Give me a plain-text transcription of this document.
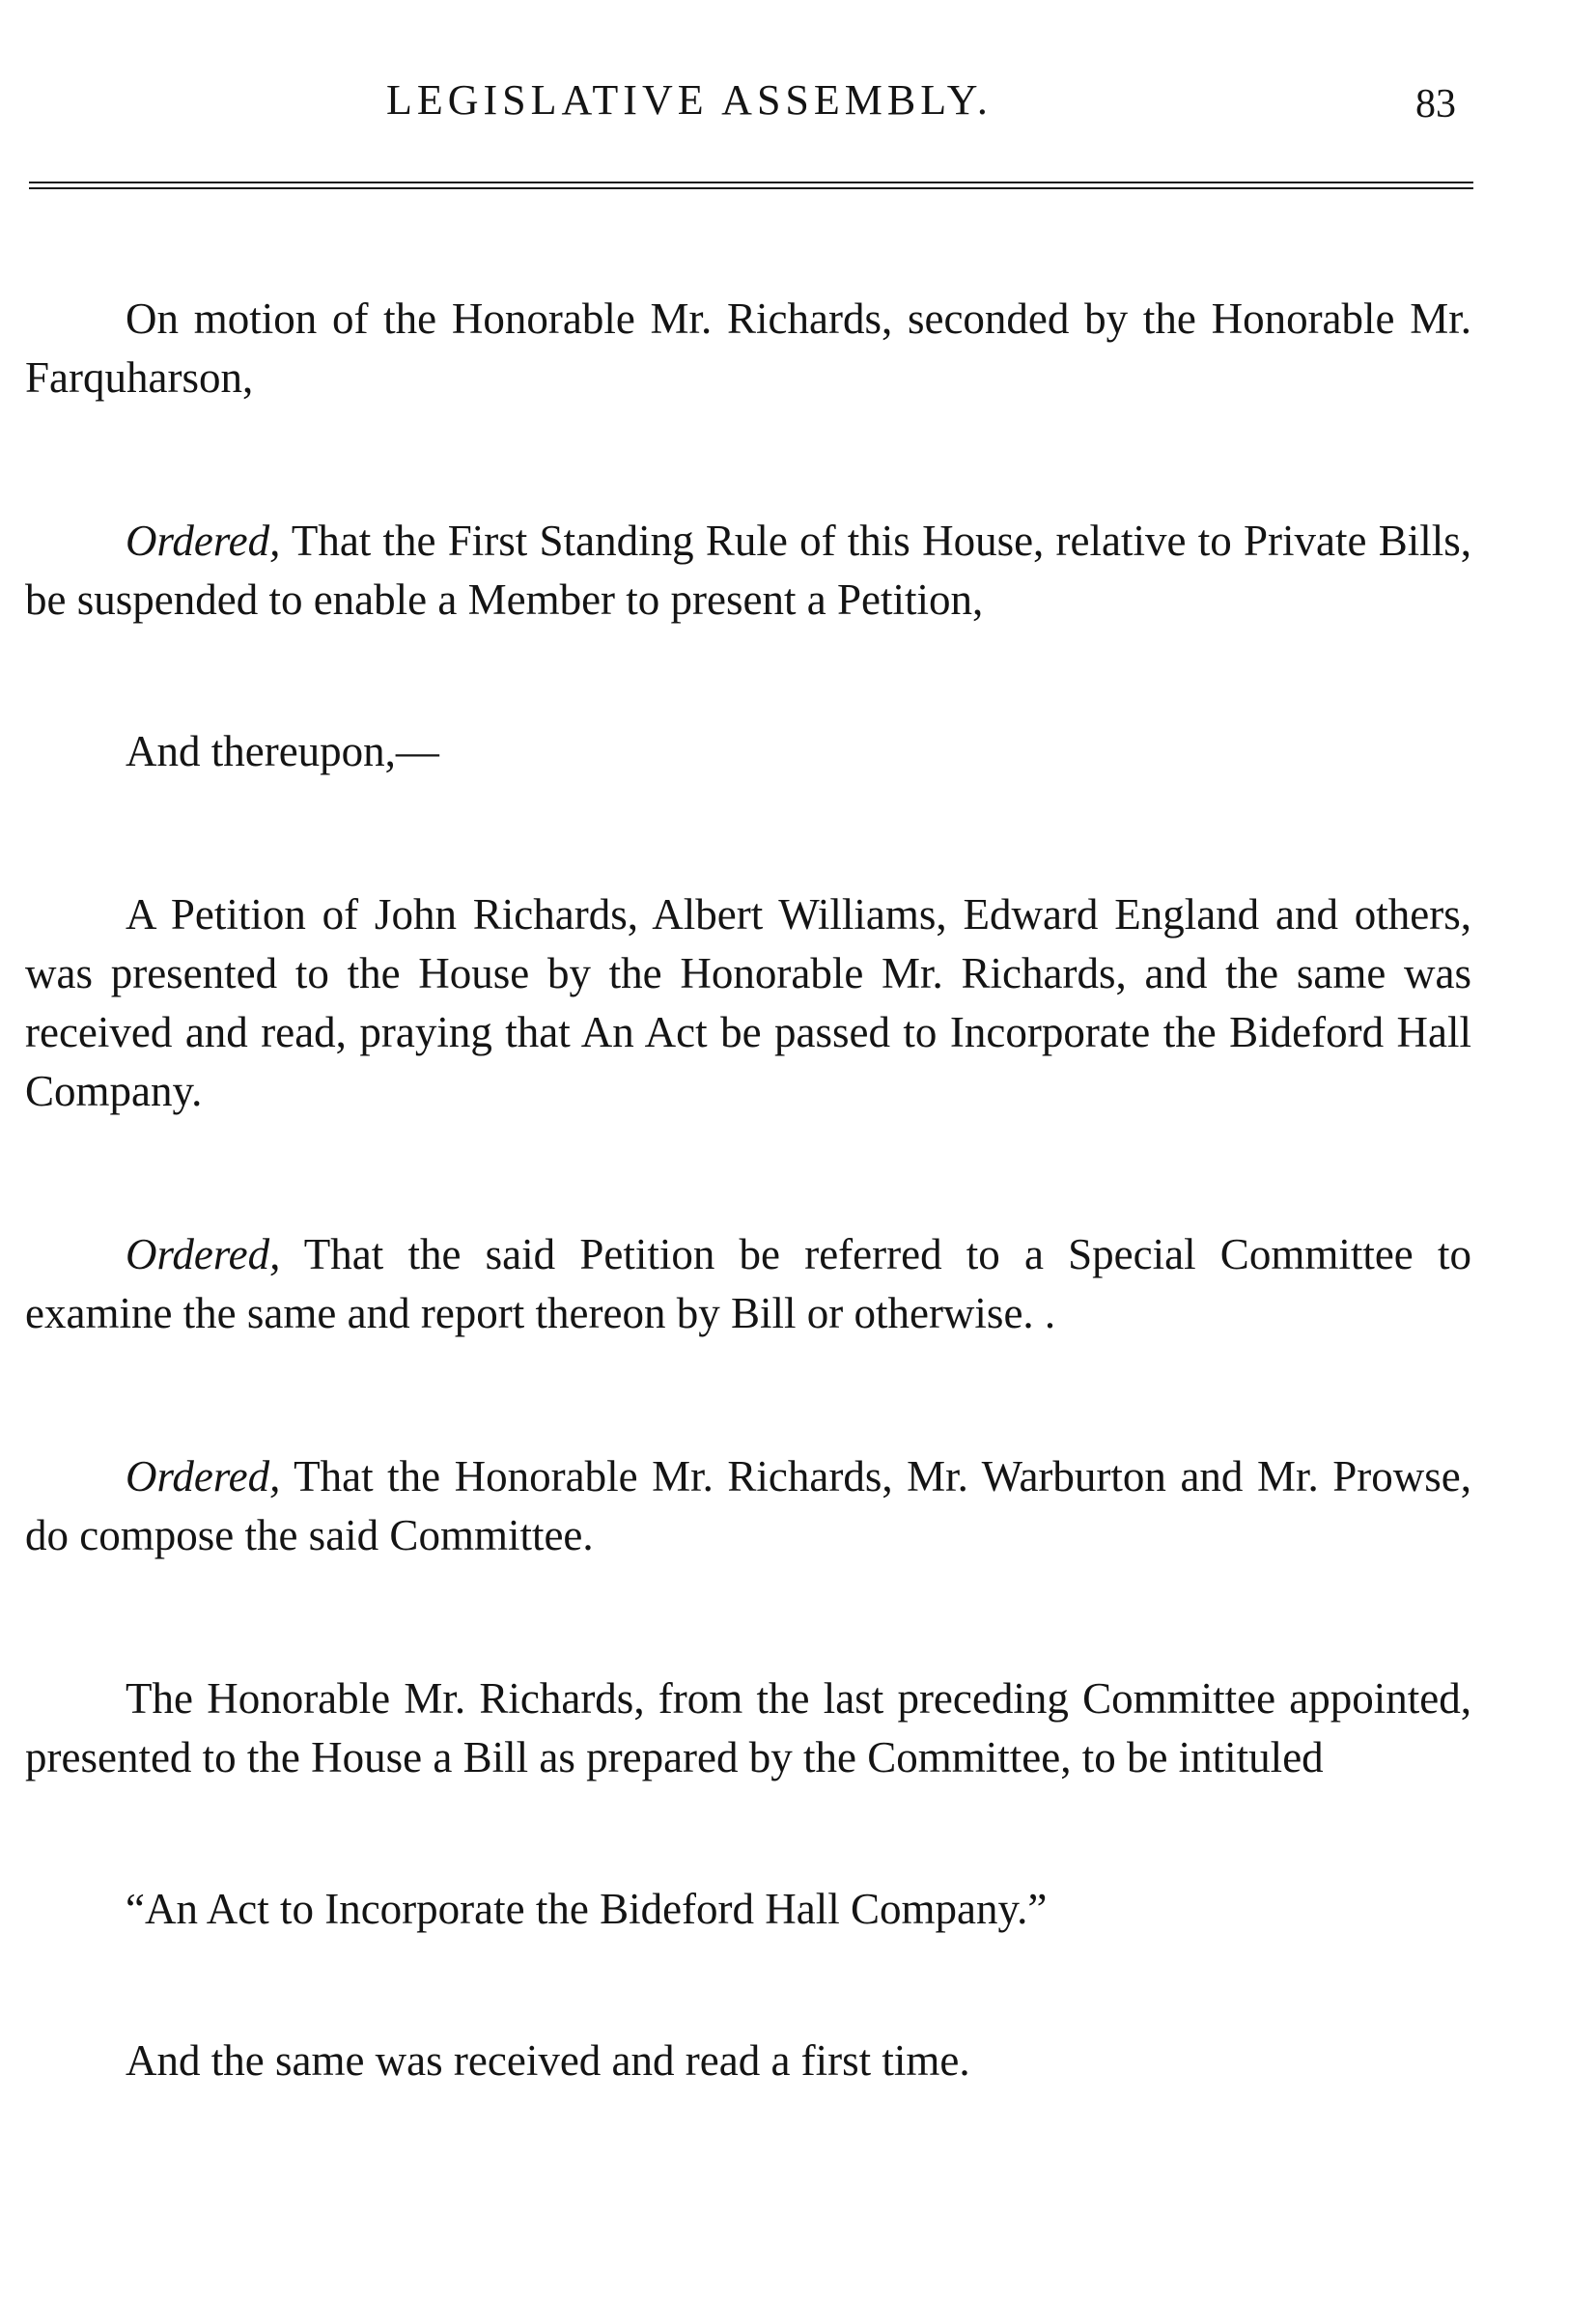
LEGISLATIVE ASSEMBLY.	83

On motion of the Honorable Mr. Richards, seconded by the Honorable Mr. Farquharson,

Ordered, That the First Standing Rule of this House, relative to Private Bills, be suspended to enable a Member to present a Petition,

And thereupon,—

A Petition of John Richards, Albert Williams, Edward England and others, was presented to the House by the Honorable Mr. Richards, and the same was received and read, praying that An Act be passed to Incorporate the Bideford Hall Company.

Ordered, That the said Petition be referred to a Special Committee to examine the same and report thereon by Bill or otherwise. .

Ordered, That the Honorable Mr. Richards, Mr. Warburton and Mr. Prowse, do compose the said Committee.

The Honorable Mr. Richards, from the last preceding Committee appointed, presented to the House a Bill as prepared by the Committee, to be intituled

“An Act to Incorporate the Bideford Hall Company.”

And the same was received and read a first time.
